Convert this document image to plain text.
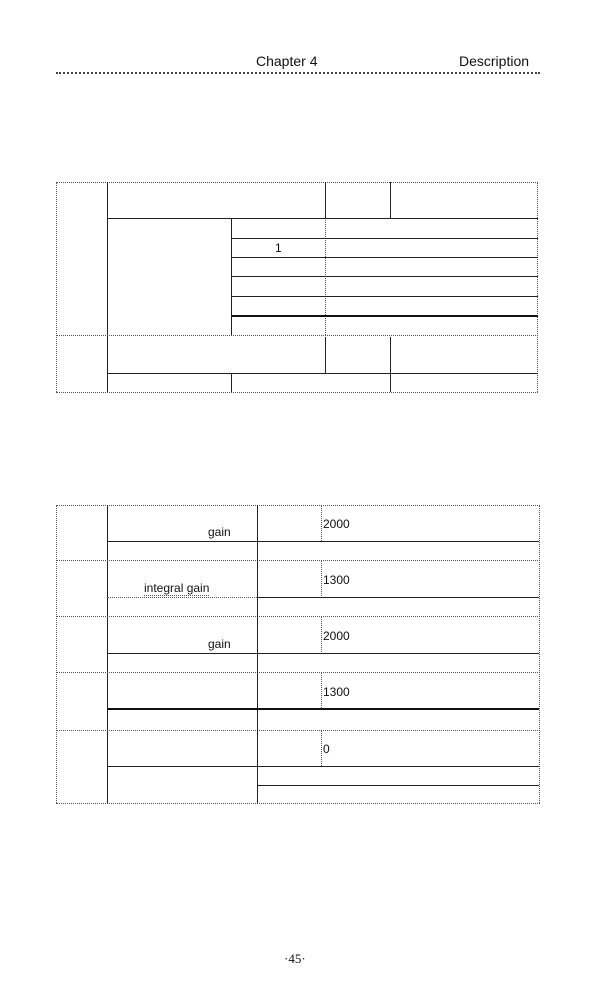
Chapter 4	Description
1
gain
2000
integral gain
1300
gain
2000
1300
0
·45·
